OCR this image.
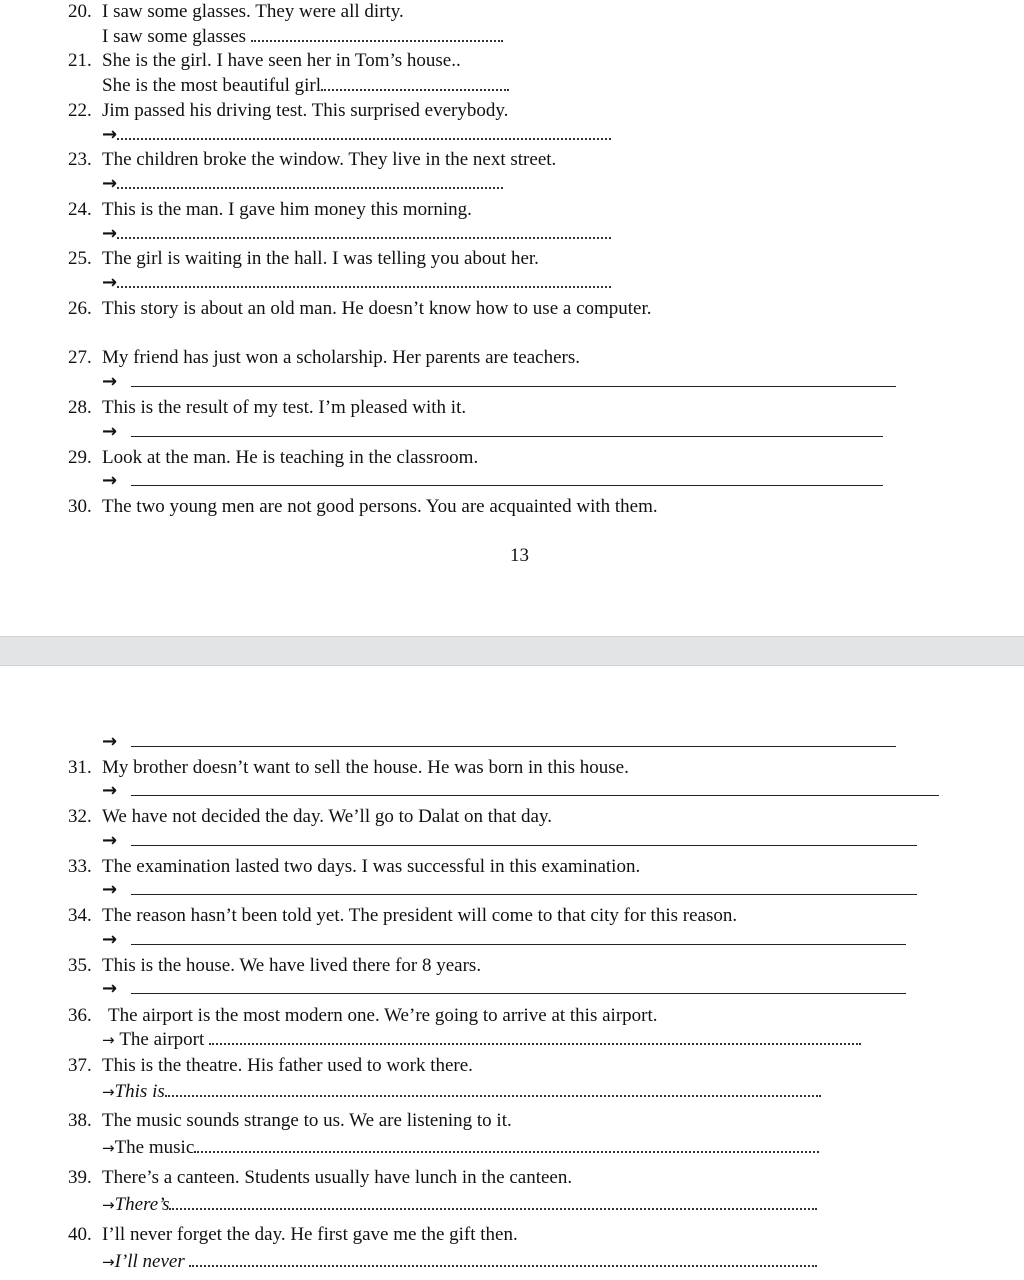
20. I saw some glasses. They were all dirty.
I saw some glasses

21. She is the girl. I have seen her in Tom’s house..
She is the most beautiful girl
22. Jim passed his driving test. This surprised everybody.
→
23. The children broke the window. They live in the next street.
→
24. This is the man. I gave him money this morning.
→
25. The girl is waiting in the hall. I was telling you about her.
→
26. This story is about an old man. He doesn’t know how to use a computer.
27. My friend has just won a scholarship. Her parents are teachers.
→

28. This is the result of my test. I’m pleased with it.
→

29. Look at the man. He is teaching in the classroom.
→

30. The two young men are not good persons. You are acquainted with them.
13
→

31. My brother doesn’t want to sell the house. He was born in this house.
→

32. We have not decided the day. We’ll go to Dalat on that day.
→

33. The examination lasted two days. I was successful in this examination.
→

34. The reason hasn’t been told yet. The president will come to that city for this reason.
→

35. This is the house. We have lived there for 8 years.
→

36. The airport is the most modern one. We’re going to arrive at this airport.
→
The airport

37. This is the theatre. His father used to work there.
→ This is
38. The music sounds strange to us. We are listening to it.
→ The music
39. There’s a canteen. Students usually have lunch in the canteen.
→ There’s
40. I’ll never forget the day. He first gave me the gift then.
→ I’ll never
